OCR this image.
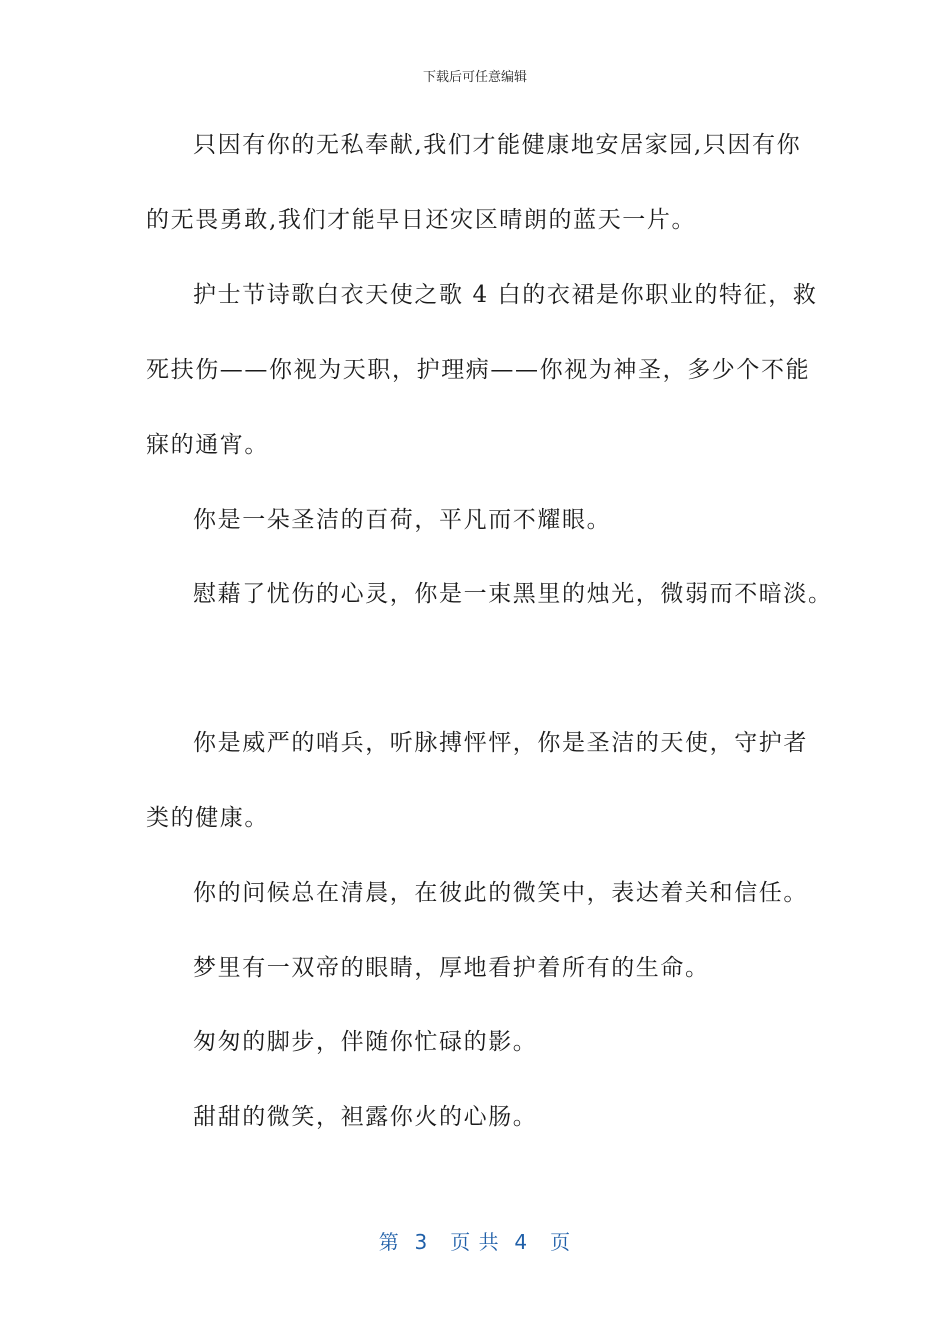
下载后可任意编辑
只因有你的无私奉献,我们才能健康地安居家园,只因有你
的无畏勇敢,我们才能早日还灾区晴朗的蓝天一片。
护士节诗歌白衣天使之歌 4 白的衣裙是你职业的特征，救
死扶伤——你视为天职，护理病——你视为神圣，多少个不能
寐的通宵。
你是一朵圣洁的百荷，平凡而不耀眼。
慰藉了忧伤的心灵，你是一束黑里的烛光，微弱而不暗淡。
你是威严的哨兵，听脉搏怦怦，你是圣洁的天使，守护者
类的健康。
你的问候总在清晨，在彼此的微笑中，表达着关和信任。
梦里有一双帝的眼睛，厚地看护着所有的生命。
匆匆的脚步，伴随你忙碌的影。
甜甜的微笑，袒露你火的心肠。
第  3   页 共  4   页
